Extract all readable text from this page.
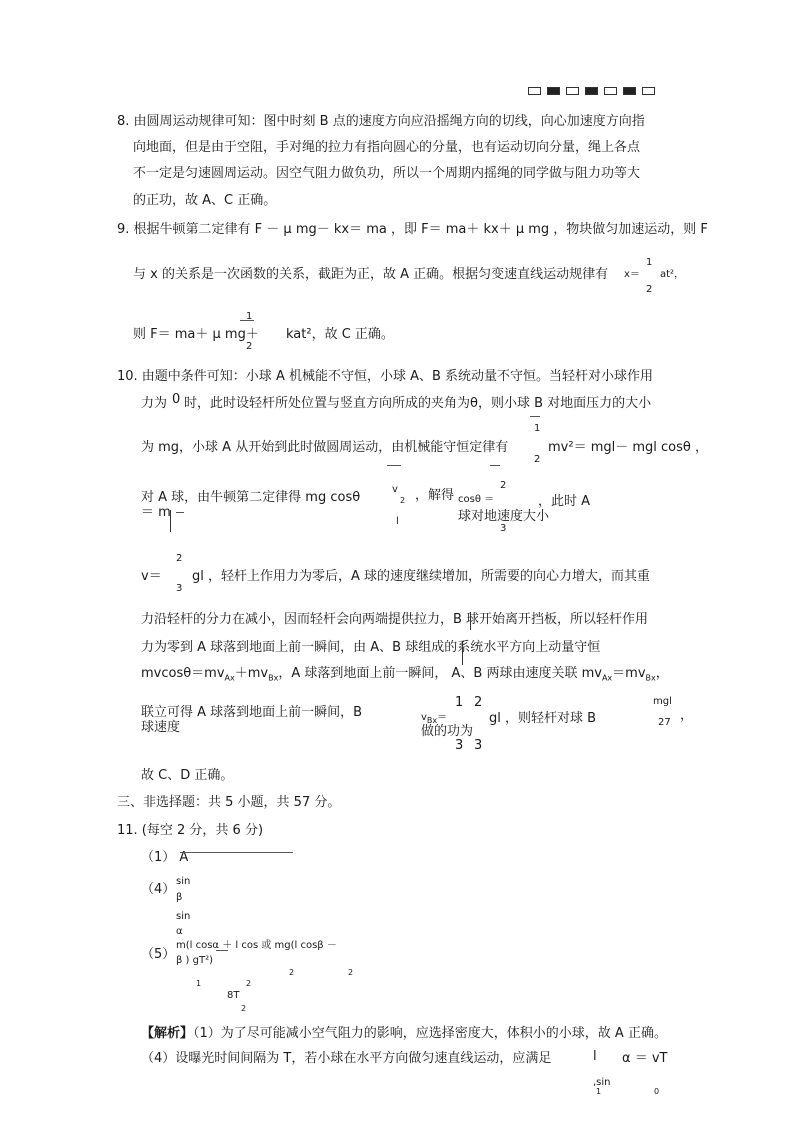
8. 由圆周运动规律可知：图中时刻 B 点的速度方向应沿摇绳方向的切线，向心加速度方向指
向地面，但是由于空阻，手对绳的拉力有指向圆心的分量，也有运动切向分量，绳上各点
不一定是匀速圆周运动。因空气阻力做负功，所以一个周期内摇绳的同学做与阻力功等大
的正功，故 A、C 正确。
9. 根据牛顿第二定律有 F － μ mg－ kx＝ ma ，即 F＝ ma＋ kx＋ μ mg ，物块做匀加速运动，则 F
与 x 的关系是一次函数的关系，截距为正，故 A 正确。根据匀变速直线运动规律有 x＝
1
2
at²，
则 F＝ ma＋ μ mg＋
1
2
kat²，故 C 正确。
10. 由题中条件可知：小球 A 机械能不守恒，小球 A、B 系统动量不守恒。当轻杆对小球作用
力为 0 时，此时设轻杆所处位置与竖直方向所成的夹角为θ，则小球 B 对地面压力的大小
1
为 mg，小球 A 从开始到此时做圆周运动，由机械能守恒定律有
2
mv²＝ mgl－ mgl cosθ ，
对 A 球，由牛顿第二定律得 mg cosθ
＝ m
v
2
l
，解得 cosθ ＝
2
3
，此时 A
球对地速度大小
2
v＝
3
gl ，轻杆上作用力为零后，A 球的速度继续增加，所需要的向心力增大，而其重
力沿轻杆的分力在减小，因而轻杆会向两端提供拉力，B 球开始离开挡板，所以轻杆作用
力为零到 A 球落到地面上前一瞬间，由 A、B 球组成的系统水平方向上动量守恒
$mvcos\theta=mv_{Ax}+mv_{Bx}$，A 球落到地面上前一瞬间， A、B 两球由速度关联 $mv_{Ax}=mv_{Bx}$，
联立可得 A 球落到地面上前一瞬间，B
球速度
$v_{Bx}=$
1 2
做的功为
3 3
gl ，则轻杆对球 B
mgl
27 ，
故 C、D 正确。
三、非选择题：共 5 小题，共 57 分。
11. (每空 2 分，共 6 分)
（1） A
（4）
sin
β
sin
α
（5）
m(l cosα ＋ l cos 或 mg(l cosβ －
β ) gT²)
2	2
1	2
8T
2
【解析】（1）为了尽可能减小空气阻力的影响，应选择密度大，体积小的小球，故 A 正确。
（4）设曝光时间间隔为 T，若小球在水平方向做匀速直线运动，应满足	l α ＝ vT
,sin
1	0
